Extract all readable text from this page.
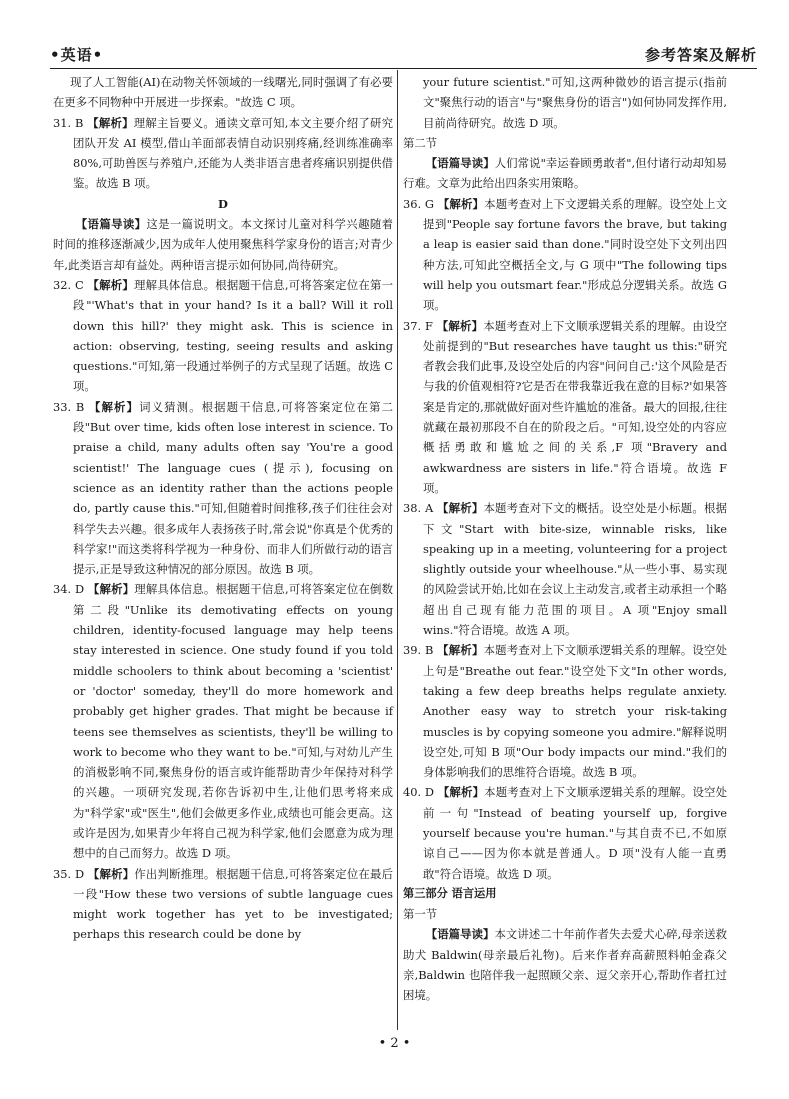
•英语•	参考答案及解析

现了人工智能(AI)在动物关怀领域的一线曙光,同时强调了有必要在更多不同物种中开展进一步探索。"故选 C 项。

31. B 【解析】理解主旨要义。通读文章可知,本文主要介绍了研究团队开发 AI 模型,借山羊面部表情自动识别疼痛,经训练准确率 80%,可助兽医与养殖户,还能为人类非语言患者疼痛识别提供借鉴。故选 B 项。

D

【语篇导读】这是一篇说明文。本文探讨儿童对科学兴趣随着时间的推移逐渐减少,因为成年人使用聚焦科学家身份的语言;对青少年,此类语言却有益处。两种语言提示如何协同,尚待研究。

32. C 【解析】理解具体信息。根据题干信息,可将答案定位在第一段"'What's that in your hand? Is it a ball? Will it roll down this hill?' they might ask. This is science in action: observing, testing, seeing results and asking questions."可知,第一段通过举例子的方式呈现了话题。故选 C 项。

33. B 【解析】词义猜测。根据题干信息,可将答案定位在第二段"But over time, kids often lose interest in science. To praise a child, many adults often say 'You're a good scientist!' The language cues (提示), focusing on science as an identity rather than the actions people do, partly cause this."可知,但随着时间推移,孩子们往往会对科学失去兴趣。很多成年人表扬孩子时,常会说"你真是个优秀的科学家!"而这类将科学视为一种身份、而非人们所做行动的语言提示,正是导致这种情况的部分原因。故选 B 项。

34. D 【解析】理解具体信息。根据题干信息,可将答案定位在倒数第二段"Unlike its demotivating effects on young children, identity-focused language may help teens stay interested in science. One study found if you told middle schoolers to think about becoming a 'scientist' or 'doctor' someday, they'll do more homework and probably get higher grades. That might be because if teens see themselves as scientists, they'll be willing to work to become who they want to be."可知,与对幼儿产生的消极影响不同,聚焦身份的语言或许能帮助青少年保持对科学的兴趣。一项研究发现,若你告诉初中生,让他们思考将来成为"科学家"或"医生",他们会做更多作业,成绩也可能会更高。这或许是因为,如果青少年将自己视为科学家,他们会愿意为成为理想中的自己而努力。故选 D 项。

35. D 【解析】作出判断推理。根据题干信息,可将答案定位在最后一段"How these two versions of subtle language cues might work together has yet to be investigated; perhaps this research could be done by

your future scientist."可知,这两种微妙的语言提示(指前文"聚焦行动的语言"与"聚焦身份的语言")如何协同发挥作用,目前尚待研究。故选 D 项。

第二节

【语篇导读】人们常说"幸运眷顾勇敢者",但付诸行动却知易行难。文章为此给出四条实用策略。

36. G 【解析】本题考查对上下文逻辑关系的理解。设空处上文提到"People say fortune favors the brave, but taking a leap is easier said than done."同时设空处下文列出四种方法,可知此空概括全文,与 G 项中"The following tips will help you outsmart fear."形成总分逻辑关系。故选 G 项。

37. F 【解析】本题考查对上下文顺承逻辑关系的理解。由设空处前提到的"But researches have taught us this:"研究者教会我们此事,及设空处后的内容"问问自己:'这个风险是否与我的价值观相符?它是否在带我靠近我在意的目标?'如果答案是肯定的,那就做好面对些许尴尬的准备。最大的回报,往往就藏在最初那段不自在的阶段之后。"可知,设空处的内容应概括勇敢和尴尬之间的关系,F 项"Bravery and awkwardness are sisters in life."符合语境。故选 F 项。

38. A 【解析】本题考查对下文的概括。设空处是小标题。根据下文"Start with bite-size, winnable risks, like speaking up in a meeting, volunteering for a project slightly outside your wheelhouse."从一些小事、易实现的风险尝试开始,比如在会议上主动发言,或者主动承担一个略超出自己现有能力范围的项目。A 项"Enjoy small wins."符合语境。故选 A 项。

39. B 【解析】本题考查对上下文顺承逻辑关系的理解。设空处上句是"Breathe out fear."设空处下文"In other words, taking a few deep breaths helps regulate anxiety. Another easy way to stretch your risk-taking muscles is by copying someone you admire."解释说明设空处,可知 B 项"Our body impacts our mind."我们的身体影响我们的思维符合语境。故选 B 项。

40. D 【解析】本题考查对上下文顺承逻辑关系的理解。设空处前一句"Instead of beating yourself up, forgive yourself because you're human."与其自责不已,不如原谅自己——因为你本就是普通人。D 项"没有人能一直勇敢"符合语境。故选 D 项。

第三部分 语言运用

第一节

【语篇导读】本文讲述二十年前作者失去爱犬心碎,母亲送救助犬 Baldwin(母亲最后礼物)。后来作者弃高薪照料帕金森父亲,Baldwin 也陪伴我一起照顾父亲、逗父亲开心,帮助作者扛过困境。

• 2 •
